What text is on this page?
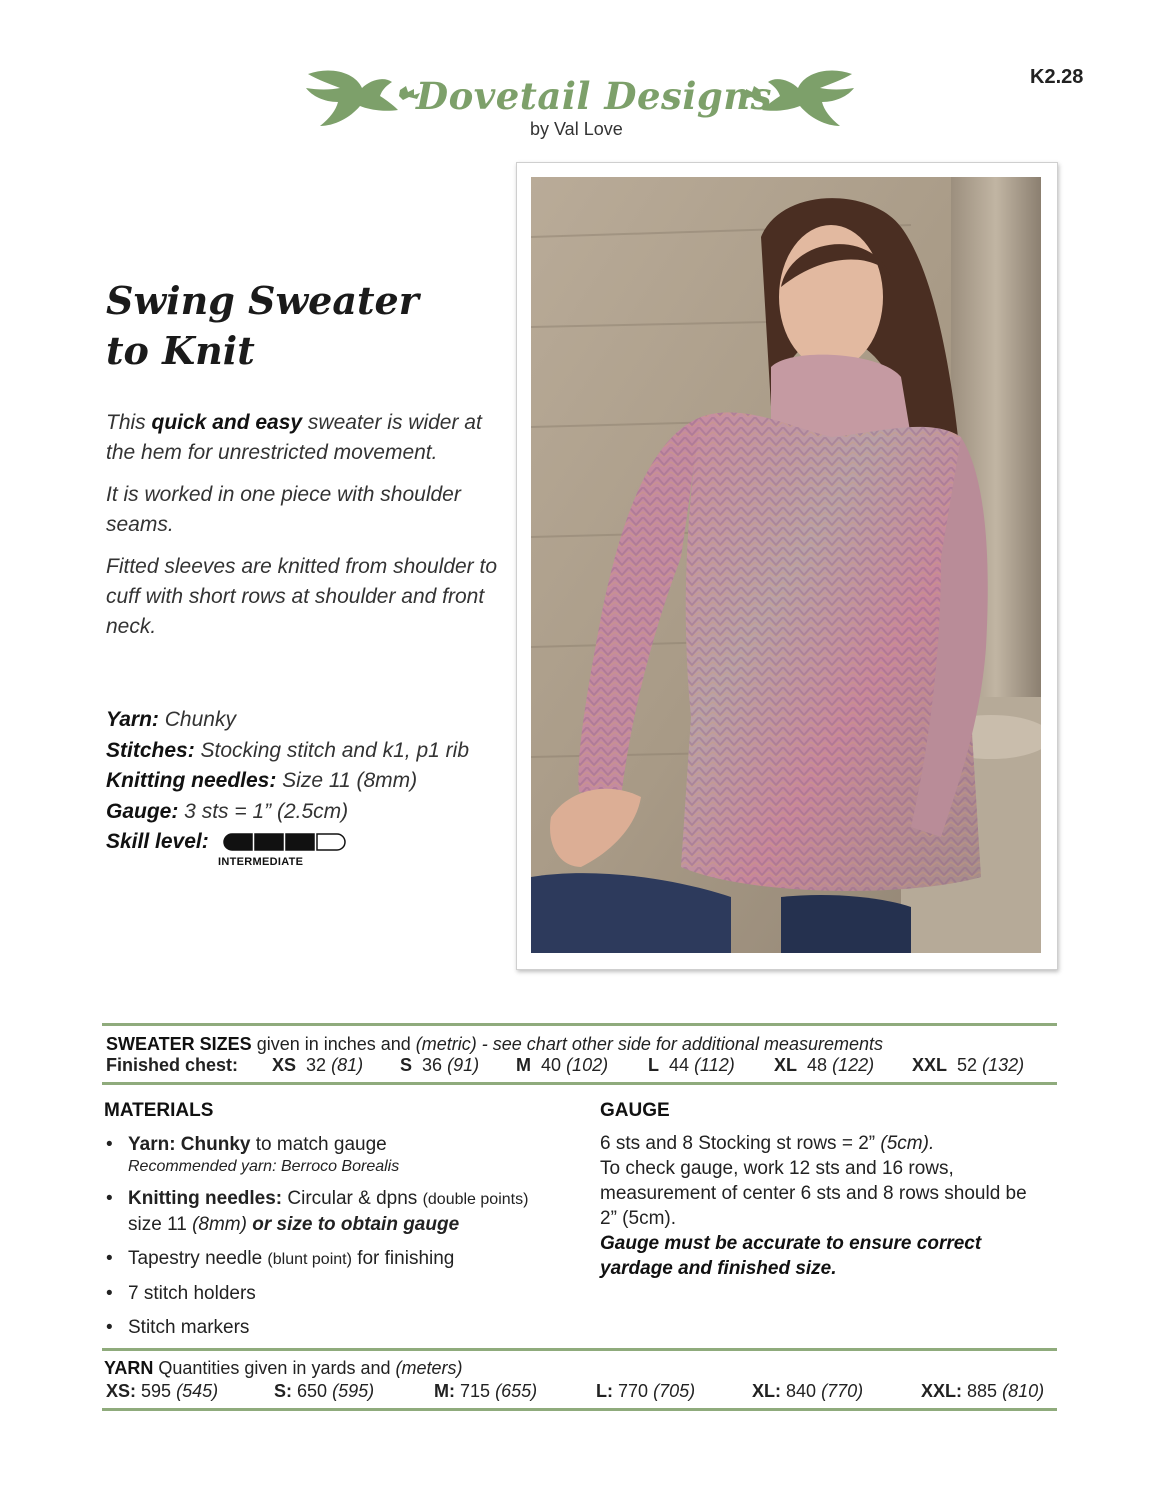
Dovetail Designs
by Val Love
K2.28
Swing Sweater
to Knit

This quick and easy sweater is wider at the hem for unrestricted movement.

It is worked in one piece with shoulder seams.

Fitted sleeves are knitted from shoulder to cuff with short rows at shoulder and front neck.

Yarn: Chunky
Stitches: Stocking stitch and k1, p1 rib
Knitting needles: Size 11 (8mm)
Gauge: 3 sts = 1” (2.5cm)
Skill level:
INTERMEDIATE
SWEATER SIZES given in inches and (metric) - see chart other side for additional measurements
Finished chest: XS 32 (81) S 36 (91) M 40 (102) L 44 (112) XL 48 (122) XXL 52 (132)
MATERIALS
• Yarn: Chunky to match gauge
Recommended yarn: Berroco Borealis
• Knitting needles: Circular & dpns (double points)
size 11 (8mm) or size to obtain gauge
• Tapestry needle (blunt point) for finishing
• 7 stitch holders
• Stitch markers
GAUGE
6 sts and 8 Stocking st rows = 2” (5cm).
To check gauge, work 12 sts and 16 rows, measurement of center 6 sts and 8 rows should be
2” (5cm).
Gauge must be accurate to ensure correct yardage and finished size.
YARN Quantities given in yards and (meters)
XS: 595 (545)	S: 650 (595)	M: 715 (655)	L: 770 (705)	XL: 840 (770)	XXL: 885 (810)
